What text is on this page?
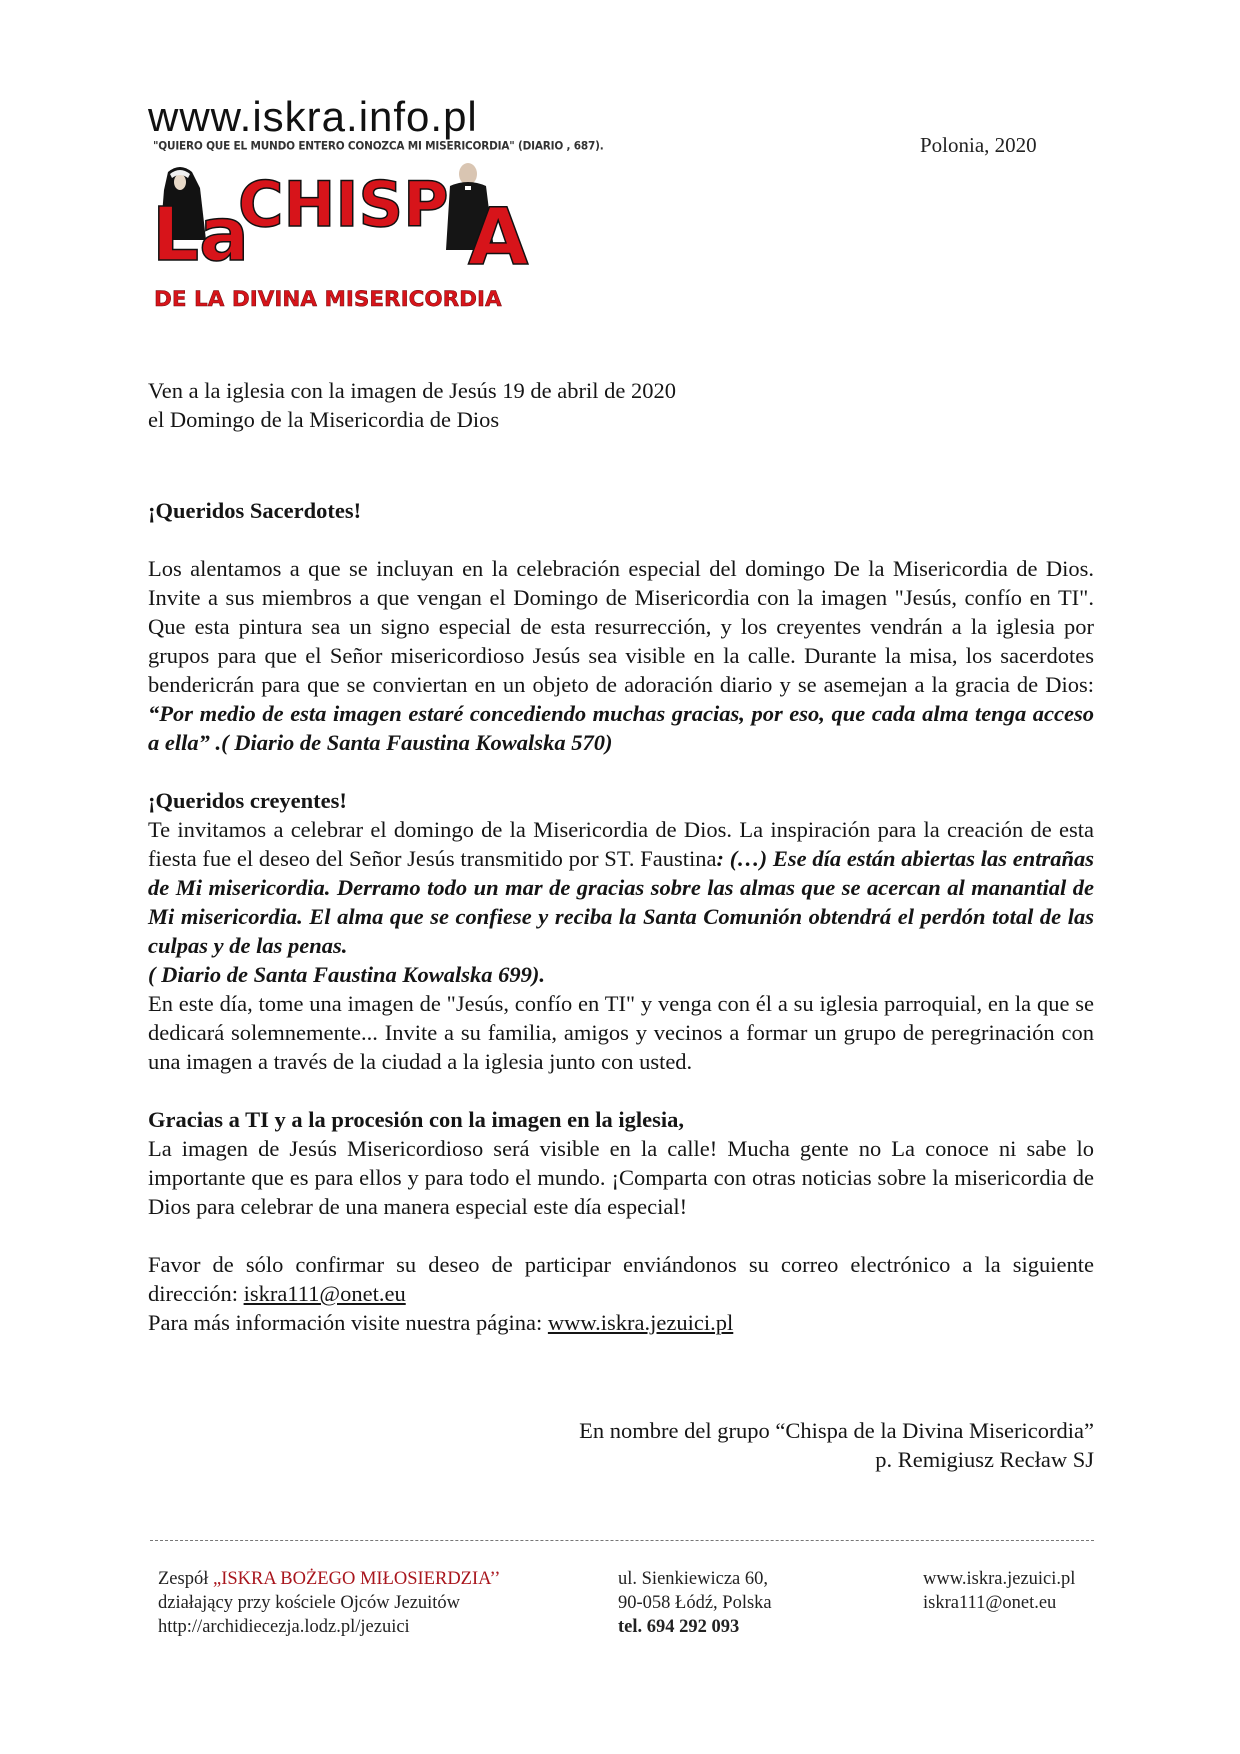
www.iskra.info.pl
"QUIERO QUE EL MUNDO ENTERO CONOZCA MI MISERICORDIA" (DIARIO , 687).
CHISP
La	A
DE LA DIVINA MISERICORDIA
Polonia, 2020

Ven a la iglesia con la imagen de Jesús 19 de abril de 2020

el Domingo de la Misericordia de Dios

¡Queridos Sacerdotes!

Los alentamos a que se incluyan en la celebración especial del domingo De la Misericordia de Dios. Invite a sus miembros a que vengan el Domingo de Misericordia con la imagen "Jesús, confío en TI". Que esta pintura sea un signo especial de esta resurrección, y los creyentes vendrán a la iglesia por grupos para que el Señor misericordioso Jesús sea visible en la calle. Durante la misa, los sacerdotes bendericrán para que se conviertan en un objeto de adoración diario y se asemejan a la gracia de Dios: “Por medio de esta imagen estaré concediendo muchas gracias, por eso, que cada alma tenga acceso a ella” .( Diario de Santa Faustina Kowalska 570)

¡Queridos creyentes!

Te invitamos a celebrar el domingo de la Misericordia de Dios. La inspiración para la creación de esta fiesta fue el deseo del Señor Jesús transmitido por ST. Faustina: (…) Ese día están abiertas las entrañas de Mi misericordia. Derramo todo un mar de gracias sobre las almas que se acercan al manantial de Mi misericordia. El alma que se confiese y reciba la Santa Comunión obtendrá el perdón total de las culpas y de las penas.

( Diario de Santa Faustina Kowalska 699).

En este día, tome una imagen de "Jesús, confío en TI" y venga con él a su iglesia parroquial, en la que se dedicará solemnemente... Invite a su familia, amigos y vecinos a formar un grupo de peregrinación con una imagen a través de la ciudad a la iglesia junto con usted.

Gracias a TI y a la procesión con la imagen en la iglesia,

La imagen de Jesús Misericordioso será visible en la calle! Mucha gente no La conoce ni sabe lo importante que es para ellos y para todo el mundo. ¡Comparta con otras noticias sobre la misericordia de Dios para celebrar de una manera especial este día especial!

Favor de sólo confirmar su deseo de participar enviándonos su correo electrónico a la siguiente dirección: iskra111@onet.eu

Para más información visite nuestra página: www.iskra.jezuici.pl

En nombre del grupo “Chispa de la Divina Misericordia”
p. Remigiusz Recław SJ
Zespół „ISKRA BOŻEGO MIŁOSIERDZIA’’
działający przy kościele Ojców Jezuitów
http://archidiecezja.lodz.pl/jezuici
ul. Sienkiewicza 60,
90-058 Łódź, Polska
tel. 694 292 093
www.iskra.jezuici.pl
iskra111@onet.eu
